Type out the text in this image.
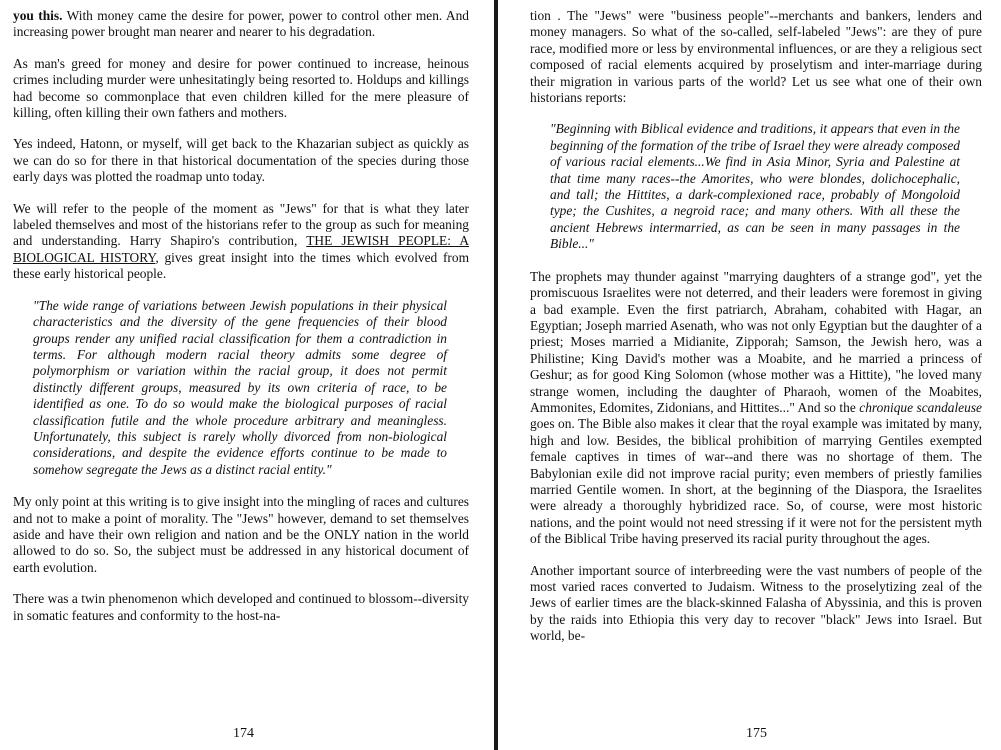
you this. With money came the desire for power, power to control other men. And increasing power brought man nearer and nearer to his degradation.

As man's greed for money and desire for power continued to increase, heinous crimes including murder were unhesitatingly being resorted to. Holdups and killings had become so commonplace that even children killed for the mere pleasure of killing, often killing their own fathers and mothers.

Yes indeed, Hatonn, or myself, will get back to the Khazarian subject as quickly as we can do so for there in that historical documentation of the species during those early days was plotted the roadmap unto today.

We will refer to the people of the moment as "Jews" for that is what they later labeled themselves and most of the historians refer to the group as such for meaning and understanding. Harry Shapiro's contribution, THE JEWISH PEOPLE: A BIOLOGICAL HISTORY, gives great insight into the times which evolved from these early historical people.

"The wide range of variations between Jewish populations in their physical characteristics and the diversity of the gene frequencies of their blood groups render any unified racial classification for them a contradiction in terms. For although modern racial theory admits some degree of polymorphism or variation within the racial group, it does not permit distinctly different groups, measured by its own criteria of race, to be identified as one. To do so would make the biological purposes of racial classification futile and the whole procedure arbitrary and meaningless. Unfortunately, this subject is rarely wholly divorced from non-biological considerations, and despite the evidence efforts continue to be made to somehow segregate the Jews as a distinct racial entity."

My only point at this writing is to give insight into the mingling of races and cultures and not to make a point of morality. The "Jews" however, demand to set themselves aside and have their own religion and nation and be the ONLY nation in the world allowed to do so. So, the subject must be addressed in any historical document of earth evolution.

There was a twin phenomenon which developed and continued to blossom--diversity in somatic features and conformity to the host-na-

tion . The "Jews" were "business people"--merchants and bankers, lenders and money managers. So what of the so-called, self-labeled "Jews": are they of pure race, modified more or less by environmental influences, or are they a religious sect composed of racial elements acquired by proselytism and inter-marriage during their migration in various parts of the world? Let us see what one of their own historians reports:

"Beginning with Biblical evidence and traditions, it appears that even in the beginning of the formation of the tribe of Israel they were already composed of various racial elements...We find in Asia Minor, Syria and Palestine at that time many races--the Amorites, who were blondes, dolichocephalic, and tall; the Hittites, a dark-complexioned race, probably of Mongoloid type; the Cushites, a negroid race; and many others. With all these the ancient Hebrews intermarried, as can be seen in many passages in the Bible..."

The prophets may thunder against "marrying daughters of a strange god", yet the promiscuous Israelites were not deterred, and their leaders were foremost in giving a bad example. Even the first patriarch, Abraham, cohabited with Hagar, an Egyptian; Joseph married Asenath, who was not only Egyptian but the daughter of a priest; Moses married a Midianite, Zipporah; Samson, the Jewish hero, was a Philistine; King David's mother was a Moabite, and he married a princess of Geshur; as for good King Solomon (whose mother was a Hittite), "he loved many strange women, including the daughter of Pharaoh, women of the Moabites, Ammonites, Edomites, Zidonians, and Hittites..." And so the chronique scandaleuse goes on. The Bible also makes it clear that the royal example was imitated by many, high and low. Besides, the biblical prohibition of marrying Gentiles exempted female captives in times of war--and there was no shortage of them. The Babylonian exile did not improve racial purity; even members of priestly families married Gentile women. In short, at the beginning of the Diaspora, the Israelites were already a thoroughly hybridized race. So, of course, were most historic nations, and the point would not need stressing if it were not for the persistent myth of the Biblical Tribe having preserved its racial purity throughout the ages.

Another important source of interbreeding were the vast numbers of people of the most varied races converted to Judaism. Witness to the proselytizing zeal of the Jews of earlier times are the black-skinned Falasha of Abyssinia, and this is proven by the raids into Ethiopia this very day to recover "black" Jews into Israel. But world, be-

174	175
